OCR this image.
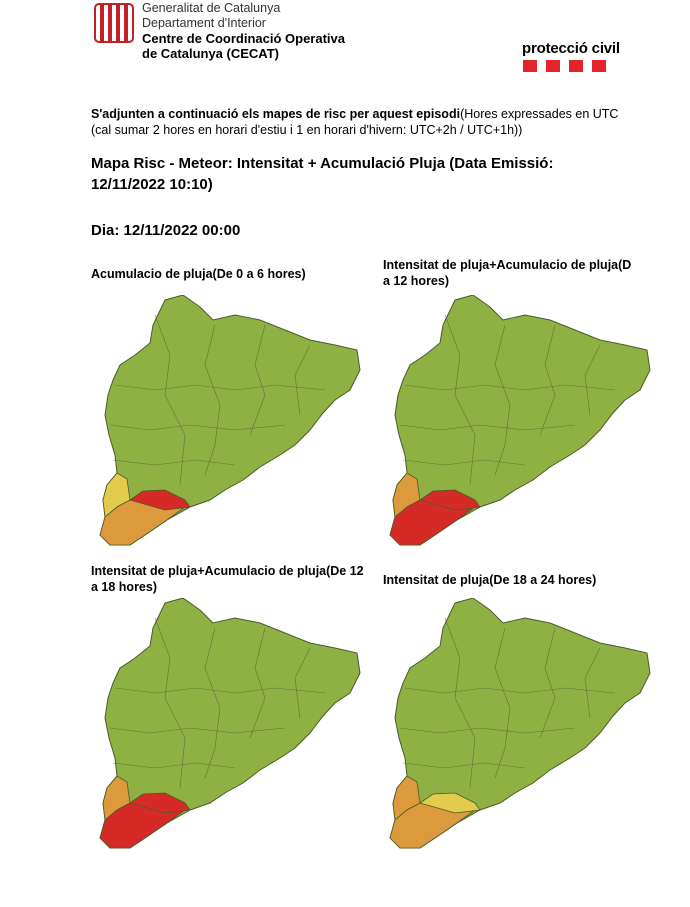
Generalitat de Catalunya
Departament d'Interior
Centre de Coordinació Operativa
de Catalunya (CECAT)	protecció civil
S'adjunten a continuació els mapes de risc per aquest episodi(Hores expressades en UTC (cal sumar 2 hores en horari d'estiu i 1 en horari d'hivern: UTC+2h / UTC+1h))
Mapa Risc - Meteor: Intensitat + Acumulació Pluja (Data Emissió:
12/11/2022 10:10)
Dia: 12/11/2022 00:00
Acumulacio de pluja(De 0 a 6 hores)
Intensitat de pluja+Acumulacio de pluja(D
a 12 hores)
Intensitat de pluja+Acumulacio de pluja(De 12
a 18 hores)	Intensitat de pluja(De 18 a 24 hores)
